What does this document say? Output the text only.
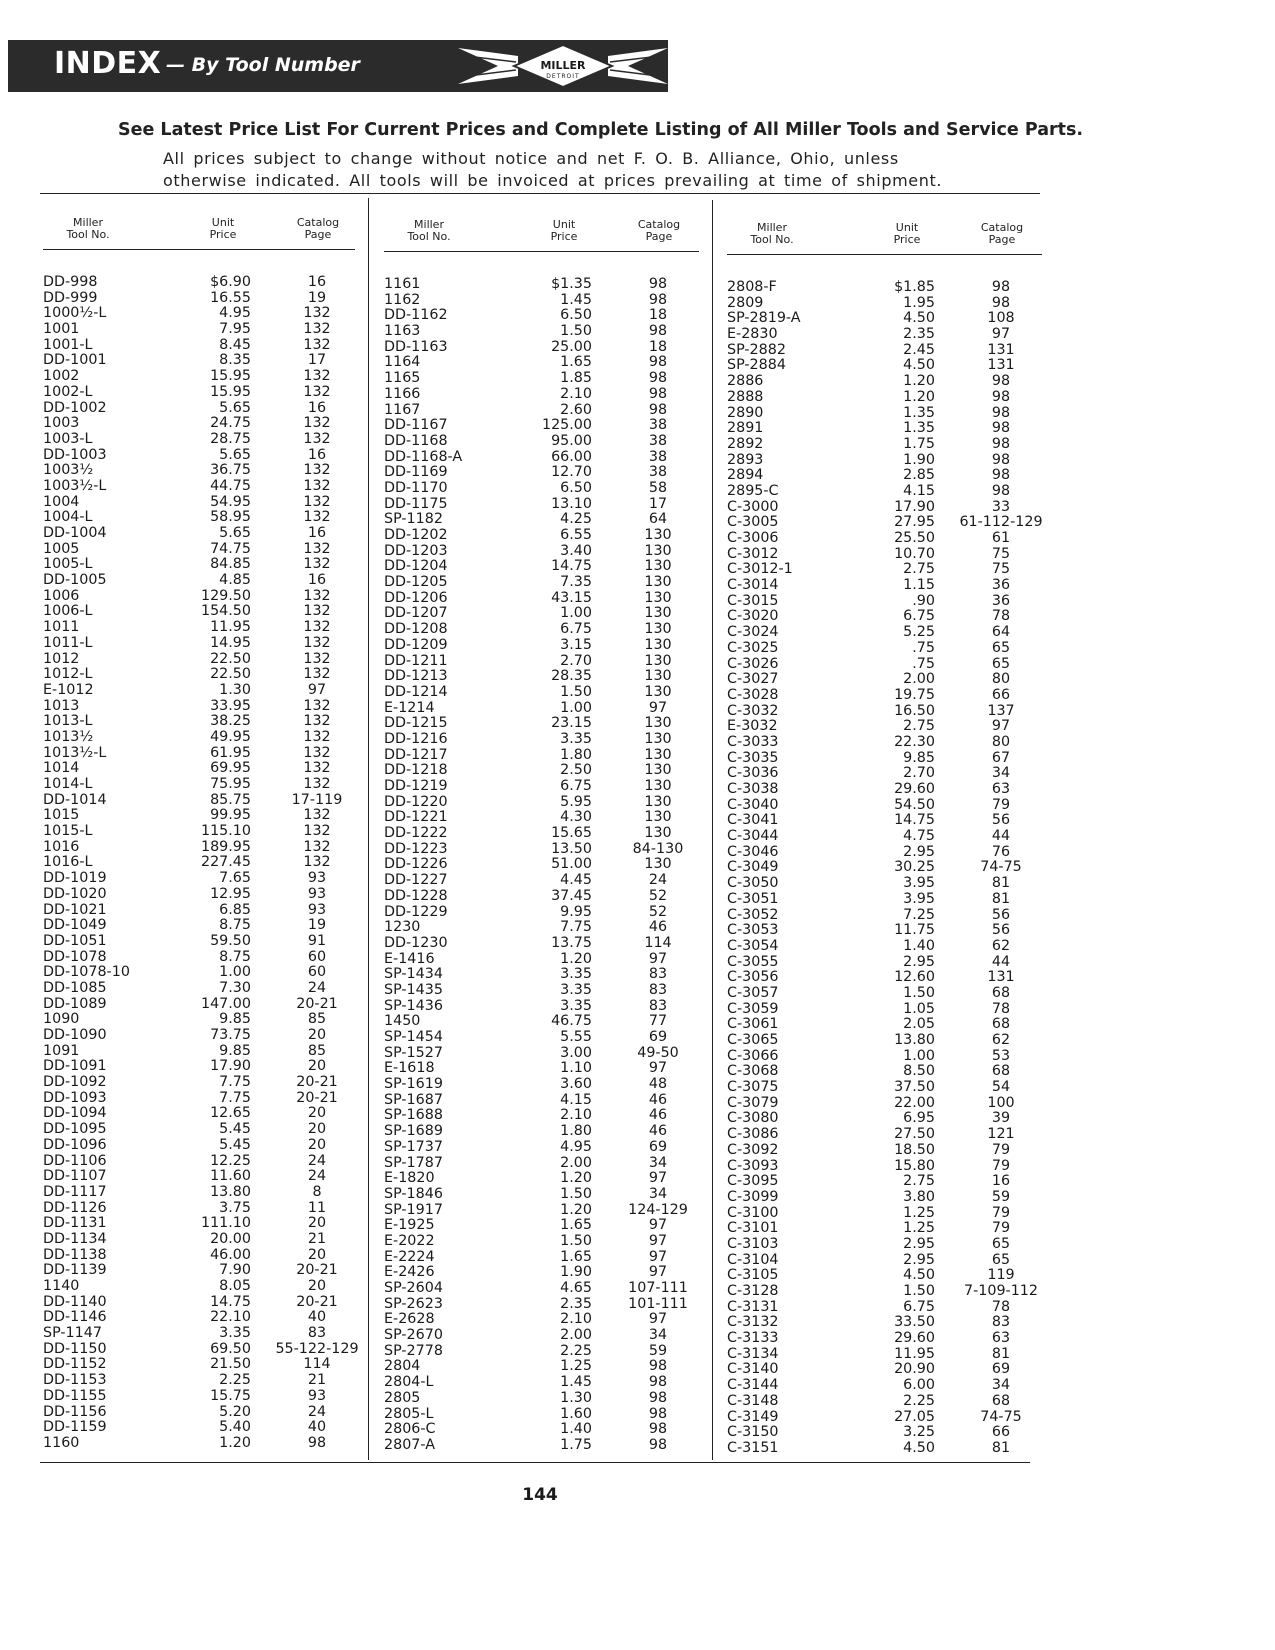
INDEX — By Tool Number	MILLER
DETROIT
See Latest Price List For Current Prices and Complete Listing of All Miller Tools and Service Parts.
All prices subject to change without notice and net F. O. B. Alliance, Ohio, unless
otherwise indicated. All tools will be invoiced at prices prevailing at time of shipment.
Miller
Tool No.
Unit
Price
Catalog
Page
DD-998	$6.90	16
DD-999	16.55	19
1000½-L	4.95	132
1001	7.95	132
1001-L	8.45	132
DD-1001	8.35	17
1002	15.95	132
1002-L	15.95	132
DD-1002	5.65	16
1003	24.75	132
1003-L	28.75	132
DD-1003	5.65	16
1003½	36.75	132
1003½-L	44.75	132
1004	54.95	132
1004-L	58.95	132
DD-1004	5.65	16
1005	74.75	132
1005-L	84.85	132
DD-1005	4.85	16
1006	129.50	132
1006-L	154.50	132
1011	11.95	132
1011-L	14.95	132
1012	22.50	132
1012-L	22.50	132
E-1012	1.30	97
1013	33.95	132
1013-L	38.25	132
1013½	49.95	132
1013½-L	61.95	132
1014	69.95	132
1014-L	75.95	132
DD-1014	85.75	17-119
1015	99.95	132
1015-L	115.10	132
1016	189.95	132
1016-L	227.45	132
DD-1019	7.65	93
DD-1020	12.95	93
DD-1021	6.85	93
DD-1049	8.75	19
DD-1051	59.50	91
DD-1078	8.75	60
DD-1078-10	1.00	60
DD-1085	7.30	24
DD-1089	147.00	20-21
1090	9.85	85
DD-1090	73.75	20
1091	9.85	85
DD-1091	17.90	20
DD-1092	7.75	20-21
DD-1093	7.75	20-21
DD-1094	12.65	20
DD-1095	5.45	20
DD-1096	5.45	20
DD-1106	12.25	24
DD-1107	11.60	24
DD-1117	13.80	8
DD-1126	3.75	11
DD-1131	111.10	20
DD-1134	20.00	21
DD-1138	46.00	20
DD-1139	7.90	20-21
1140	8.05	20
DD-1140	14.75	20-21
DD-1146	22.10	40
SP-1147	3.35	83
DD-1150	69.50	55-122-129
DD-1152	21.50	114
DD-1153	2.25	21
DD-1155	15.75	93
DD-1156	5.20	24
DD-1159	5.40	40
1160	1.20	98
Miller
Tool No.
Unit
Price
Catalog
Page
1161	$1.35	98
1162	1.45	98
DD-1162	6.50	18
1163	1.50	98
DD-1163	25.00	18
1164	1.65	98
1165	1.85	98
1166	2.10	98
1167	2.60	98
DD-1167	125.00	38
DD-1168	95.00	38
DD-1168-A	66.00	38
DD-1169	12.70	38
DD-1170	6.50	58
DD-1175	13.10	17
SP-1182	4.25	64
DD-1202	6.55	130
DD-1203	3.40	130
DD-1204	14.75	130
DD-1205	7.35	130
DD-1206	43.15	130
DD-1207	1.00	130
DD-1208	6.75	130
DD-1209	3.15	130
DD-1211	2.70	130
DD-1213	28.35	130
DD-1214	1.50	130
E-1214	1.00	97
DD-1215	23.15	130
DD-1216	3.35	130
DD-1217	1.80	130
DD-1218	2.50	130
DD-1219	6.75	130
DD-1220	5.95	130
DD-1221	4.30	130
DD-1222	15.65	130
DD-1223	13.50	84-130
DD-1226	51.00	130
DD-1227	4.45	24
DD-1228	37.45	52
DD-1229	9.95	52
1230	7.75	46
DD-1230	13.75	114
E-1416	1.20	97
SP-1434	3.35	83
SP-1435	3.35	83
SP-1436	3.35	83
1450	46.75	77
SP-1454	5.55	69
SP-1527	3.00	49-50
E-1618	1.10	97
SP-1619	3.60	48
SP-1687	4.15	46
SP-1688	2.10	46
SP-1689	1.80	46
SP-1737	4.95	69
SP-1787	2.00	34
E-1820	1.20	97
SP-1846	1.50	34
SP-1917	1.20	124-129
E-1925	1.65	97
E-2022	1.50	97
E-2224	1.65	97
E-2426	1.90	97
SP-2604	4.65	107-111
SP-2623	2.35	101-111
E-2628	2.10	97
SP-2670	2.00	34
SP-2778	2.25	59
2804	1.25	98
2804-L	1.45	98
2805	1.30	98
2805-L	1.60	98
2806-C	1.40	98
2807-A	1.75	98
Miller
Tool No.
Unit
Price
Catalog
Page
2808-F	$1.85	98
2809	1.95	98
SP-2819-A	4.50	108
E-2830	2.35	97
SP-2882	2.45	131
SP-2884	4.50	131
2886	1.20	98
2888	1.20	98
2890	1.35	98
2891	1.35	98
2892	1.75	98
2893	1.90	98
2894	2.85	98
2895-C	4.15	98
C-3000	17.90	33
C-3005	27.95	61-112-129
C-3006	25.50	61
C-3012	10.70	75
C-3012-1	2.75	75
C-3014	1.15	36
C-3015	.90	36
C-3020	6.75	78
C-3024	5.25	64
C-3025	.75	65
C-3026	.75	65
C-3027	2.00	80
C-3028	19.75	66
C-3032	16.50	137
E-3032	2.75	97
C-3033	22.30	80
C-3035	9.85	67
C-3036	2.70	34
C-3038	29.60	63
C-3040	54.50	79
C-3041	14.75	56
C-3044	4.75	44
C-3046	2.95	76
C-3049	30.25	74-75
C-3050	3.95	81
C-3051	3.95	81
C-3052	7.25	56
C-3053	11.75	56
C-3054	1.40	62
C-3055	2.95	44
C-3056	12.60	131
C-3057	1.50	68
C-3059	1.05	78
C-3061	2.05	68
C-3065	13.80	62
C-3066	1.00	53
C-3068	8.50	68
C-3075	37.50	54
C-3079	22.00	100
C-3080	6.95	39
C-3086	27.50	121
C-3092	18.50	79
C-3093	15.80	79
C-3095	2.75	16
C-3099	3.80	59
C-3100	1.25	79
C-3101	1.25	79
C-3103	2.95	65
C-3104	2.95	65
C-3105	4.50	119
C-3128	1.50	7-109-112
C-3131	6.75	78
C-3132	33.50	83
C-3133	29.60	63
C-3134	11.95	81
C-3140	20.90	69
C-3144	6.00	34
C-3148	2.25	68
C-3149	27.05	74-75
C-3150	3.25	66
C-3151	4.50	81
144
